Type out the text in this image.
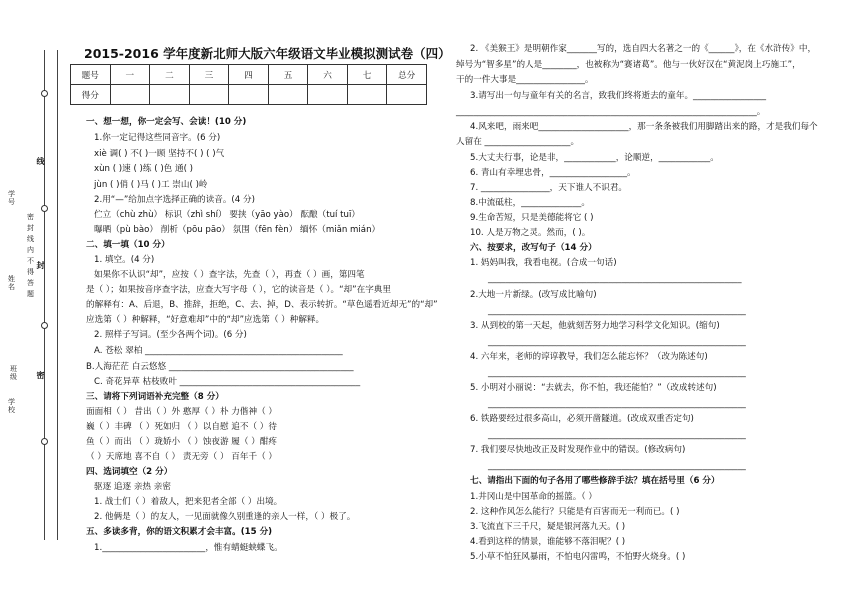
2015-2016 学年度新北师大版六年级语文毕业模拟测试卷（四）
学号
姓名
班级
学校
线
封
密
密封线内不得答题
题号	一	二	三	四	五	六	七	总分
得分								
一、想一想，你一定会写、会读！(10 分)
1.你一定记得这些同音字。(6 分)
xiè 调( ) 不( )一顾 坚持不( ) ( )气
xùn ( )速 ( )练 ( )色 通( )
jùn ( )俏 ( )马 ( )工 崇山( )岭
2.用“—”给加点字选择正确的读音。(4 分)
伫立（chù zhù） 标识（zhì shí） 要挟（yāo yào） 酝酿（tuí tuī）
曝晒（pù bào） 削析（pōu pāo） 氛围（fēn fèn） 缅怀（miǎn mián）
二、填一填（10 分）
1. 填空。(4 分)
如果你不认识“却”，应按（ ）查字法，先查（ ），再查（ ）画，第四笔
是（ ）；如果按音序查字法，应查大写字母（ ），它的读音是（ ）。“却”在字典里
的解释有：A、后退，B、推辞，拒绝，C、去、掉，D、表示转折。“草色遥看近却无”的“却”
应选第（ ）种解释，“好意难却”中的“却”应选第（ ）种解释。
2. 照样子写词。(至少各两个词)。(6 分)
A. 苍松 翠柏 ______________________________________________
B.人海茫茫 白云悠悠 ___________________________________________
C. 奇花异草 枯枝败叶 __________________________________________
三、请将下列词语补充完整（8 分）
面面相（ ） 昔出（ ）外 憨厚（ ）朴 力偕神（ ）
巍（ ）丰碑 （ ）死如归 （ ）以自慰 追不（ ）待
鱼（ ）而出 （ ）珑娇小 （ ）蚀夜游 履（ ）酣疼
（ ）天席地 喜不自（ ） 责无旁（ ） 百年千（ ）
四、选词填空（2 分）
驱逐 追逐 亲热 亲密
1. 战士们（ ）着敌人，把来犯者全部（ ）出境。
2. 他俩是（ ）的友人，一见面就像久别重逢的亲人一样，（ ）极了。
五、多读多背，你的语文积累才会丰富。(15 分)
1.________________________，惟有蜻蜓蛱蝶飞。
2. 《美猴王》是明朝作家_______写的，选自四大名著之一的《______》，在《水浒传》中，
绰号为“智多星”的人是________，也被称为“赛诸葛”。他与一伙好汉在“黄泥岗上巧施工”，
干的一件大事是________________。
3.请写出一句与童年有关的名言，致我们终将逝去的童年。_________________
______________________________________________________________________。
4.风来吧，雨来吧_____________________，那一条条被我们用脚踏出来的路，才是我们每个
人留在 ____________________。
5.大丈夫行事，论是非，____________，论顺逆，____________。
6. 青山有幸埋忠骨，__________________。
7. ________________，天下谁人不识君。
8.中流砥柱，______________。
9.生命苦短，只是美德能将它 ( )
10. 人是万物之灵。然而，( )。
六、按要求，改写句子（14 分）
1. 妈妈叫我，我看电视。(合成一句话)
___________________________________________________________
2.大地一片新绿。(改写成比喻句)
____________________________________________________________
3. 从到校的第一天起，他就刻苦努力地学习科学文化知识。(缩句)
____________________________________________________________
4. 六年来，老师的谆谆教导，我们怎么能忘怀？（改为陈述句)
____________________________________________________________
5. 小明对小丽说：“去就去，你不怕，我还能怕？”（改成转述句)
____________________________________________________________
6. 铁路要经过很多高山，必须开凿隧道。(改成双重否定句)
____________________________________________________________
7. 我们要尽快地改正及时发现作业中的错误。(修改病句)
____________________________________________________________
七、请指出下面的句子各用了哪些修辞手法？填在括号里（6 分）
1.井冈山是中国革命的摇篮。（ ）
2. 这种作风怎么能行？只能是有百害而无一利而已。( )
3.飞流直下三千尺，疑是银河落九天。( )
4.看到这样的情景，谁能够不落泪呢？( )
5.小草不怕狂风暴雨，不怕电闪雷鸣，不怕野火烧身。( )
